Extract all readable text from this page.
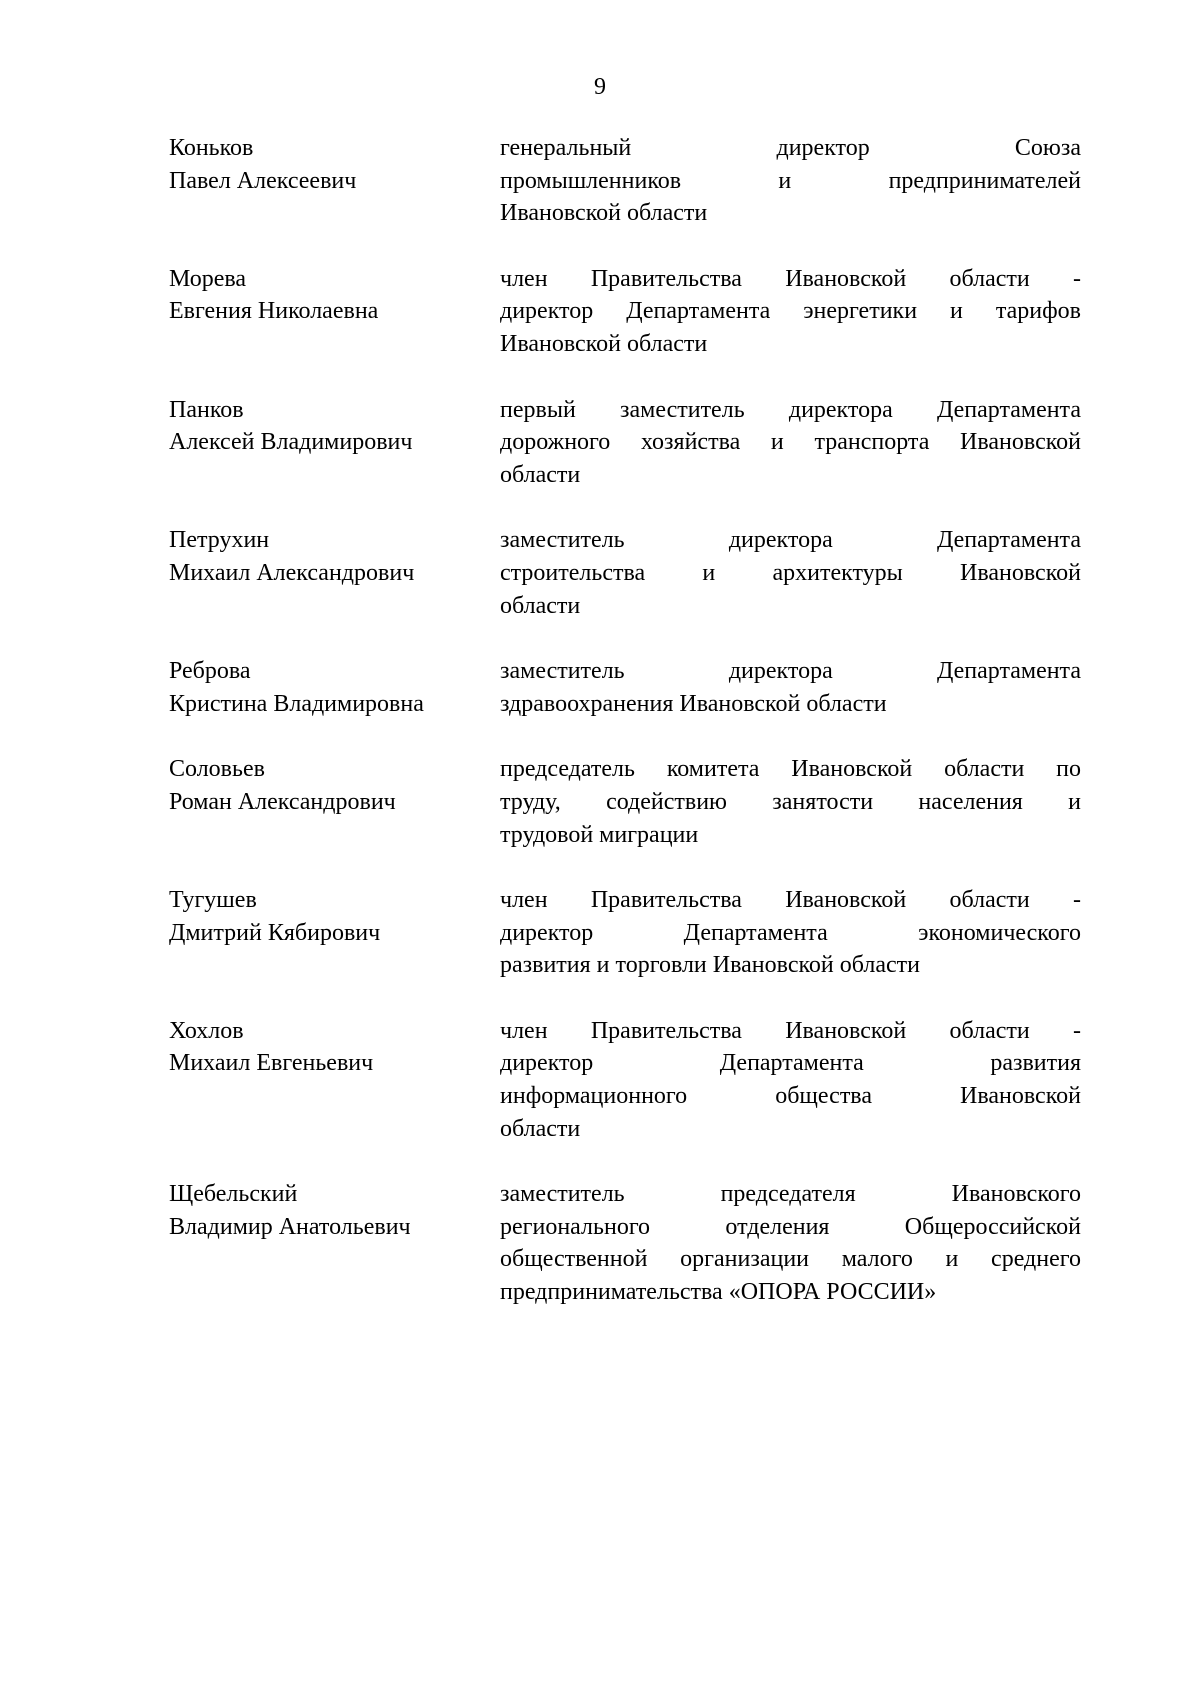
9
Коньков
Павел Алексеевич
генеральный директор Союза
промышленников и предпринимателей
Ивановской области
Морева
Евгения Николаевна
член Правительства Ивановской области -
директор Департамента энергетики и тарифов
Ивановской области
Панков
Алексей Владимирович
первый заместитель директора Департамента
дорожного хозяйства и транспорта Ивановской
области
Петрухин
Михаил Александрович
заместитель директора Департамента
строительства и архитектуры Ивановской
области
Реброва
Кристина Владимировна
заместитель директора Департамента
здравоохранения Ивановской области
Соловьев
Роман Александрович
председатель комитета Ивановской области по
труду, содействию занятости населения и
трудовой миграции
Тугушев
Дмитрий Кябирович
член Правительства Ивановской области -
директор Департамента экономического
развития и торговли Ивановской области
Хохлов
Михаил Евгеньевич
член Правительства Ивановской области -
директор Департамента развития
информационного общества Ивановской
области
Щебельский
Владимир Анатольевич
заместитель председателя Ивановского
регионального отделения Общероссийской
общественной организации малого и среднего
предпринимательства «ОПОРА РОССИИ»
